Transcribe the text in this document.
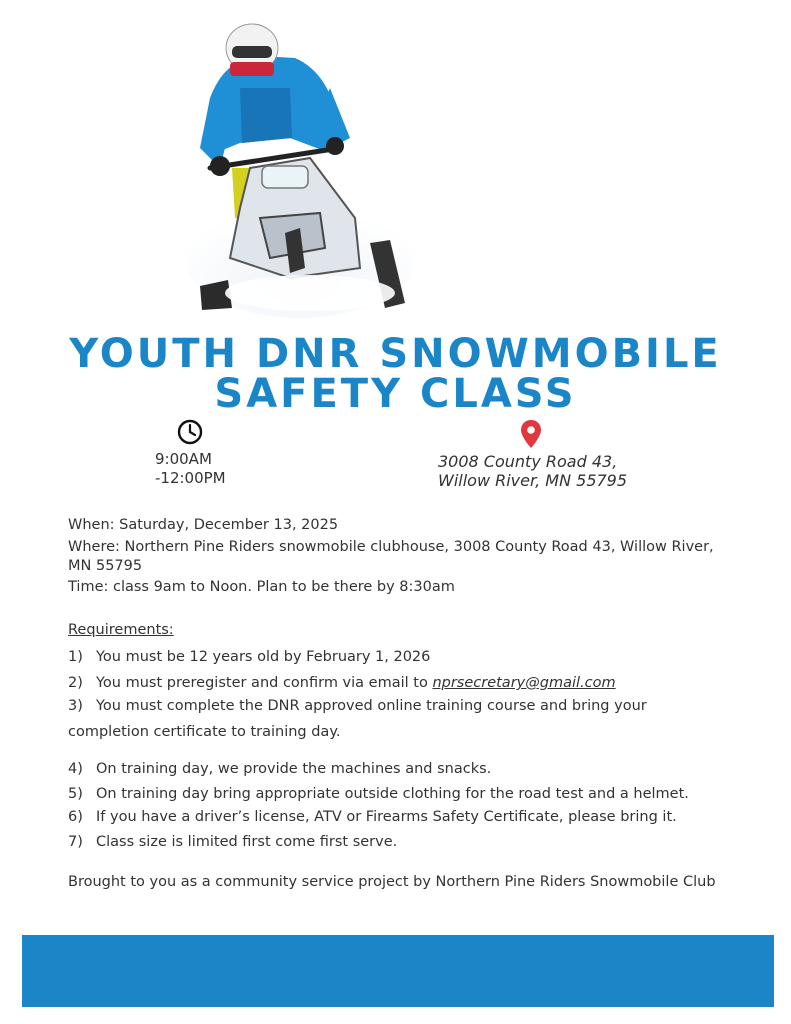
YOUTH DNR SNOWMOBILE
SAFETY CLASS
9:00AM
-12:00PM
3008 County Road 43,
Willow River, MN 55795
When: Saturday, December 13, 2025
Where: Northern Pine Riders snowmobile clubhouse, 3008 County Road 43, Willow River,
MN 55795
Time: class 9am to Noon. Plan to be there by 8:30am
Requirements:
1) You must be 12 years old by February 1, 2026
2) You must preregister and confirm via email to nprsecretary@gmail.com
3) You must complete the DNR approved online training course and bring your
completion certificate to training day.
4) On training day, we provide the machines and snacks.
5) On training day bring appropriate outside clothing for the road test and a helmet.
6) If you have a driver’s license, ATV or Firearms Safety Certificate, please bring it.
7) Class size is limited first come first serve.
Brought to you as a community service project by Northern Pine Riders Snowmobile Club
